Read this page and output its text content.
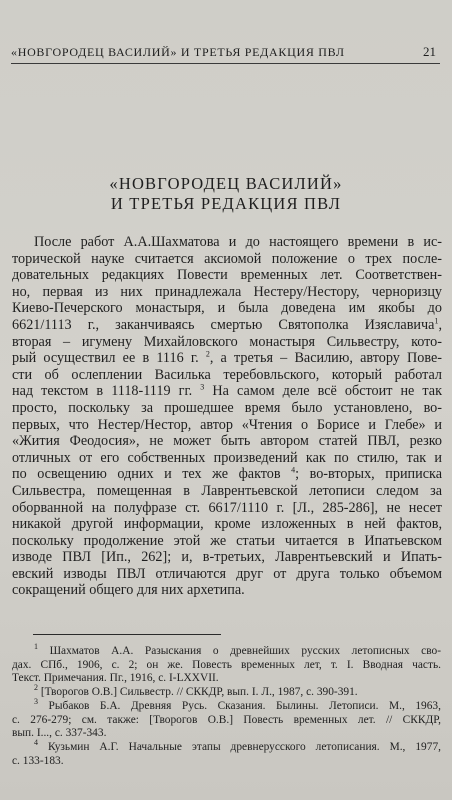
«НОВГОРОДЕЦ ВАСИЛИЙ» И ТРЕТЬЯ РЕДАКЦИЯ ПВЛ	21
«НОВГОРОДЕЦ ВАСИЛИЙ»
И ТРЕТЬЯ РЕДАКЦИЯ ПВЛ
После работ А.А.Шахматова и до настоящего времени в ис-
торической науке считается аксиомой положение о трех после-
довательных редакциях Повести временных лет. Соответствен-
но, первая из них принадлежала Нестеру/Нестору, черноризцу
Киево-Печерского монастыря, и была доведена им якобы до
6621/1113 г., заканчиваясь смертью Святополка Изяславича$^1$,
вторая – игумену Михайловского монастыря Сильвестру, кото-
рый осуществил ее в 1116 г. $^2$, а третья – Василию, автору Пове-
сти об ослеплении Василька теребовльского, который работал
над текстом в 1118-1119 гг. $^3$ На самом деле всё обстоит не так
просто, поскольку за прошедшее время было установлено, во-
первых, что Нестер/Нестор, автор «Чтения о Борисе и Глебе» и
«Жития Феодосия», не может быть автором статей ПВЛ, резко
отличных от его собственных произведений как по стилю, так и
по освещению одних и тех же фактов $^4$; во-вторых, приписка
Сильвестра, помещенная в Лаврентьевской летописи следом за
оборванной на полуфразе ст. 6617/1110 г. [Л., 285-286], не несет
никакой другой информации, кроме изложенных в ней фактов,
поскольку продолжение этой же статьи читается в Ипатьевском
изводе ПВЛ [Ип., 262]; и, в-третьих, Лаврентьевский и Ипать-
евский изводы ПВЛ отличаются друг от друга только объемом
сокращений общего для них архетипа.
$^1$ Шахматов А.А. Разыскания о древнейших русских летописных сво-
дах. СПб., 1906, с. 2; он же. Повесть временных лет, т. I. Вводная часть.
Текст. Примечания. Пг., 1916, с. I-LXXVII.
$^2$ [Творогов О.В.] Сильвестр. // СККДР, вып. I. Л., 1987, с. 390-391.
$^3$ Рыбаков Б.А. Древняя Русь. Сказания. Былины. Летописи. М., 1963,
с. 276-279; см. также: [Творогов О.В.] Повесть временных лет. // СККДР,
вып. I..., с. 337-343.
$^4$ Кузьмин А.Г. Начальные этапы древнерусского летописания. М., 1977,
с. 133-183.
